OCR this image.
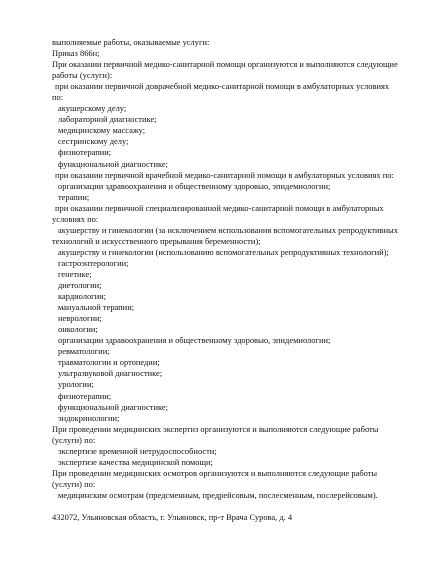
выполняемые работы, оказываемые услуги:
Приказ 866н;
При оказании первичной медико-санитарной помощи организуются и выполняются следующие
работы (услуги):
при оказании первичной доврачебной медико-санитарной помощи в амбулаторных условиях
по:
акушерскому делу;
лабораторной диагностике;
медицинскому массажу;
сестринскому делу;
физиотерапии;
функциональной диагностике;
при оказании первичной врачебной медико-санитарной помощи в амбулаторных условиях по:
организации здравоохранения и общественному здоровью, эпидемиологии;
терапии;
при оказании первичной специализированной медико-санитарной помощи в амбулаторных
условиях по:
акушерству и гинекологии (за исключением использования вспомогательных репродуктивных
технологий и искусственного прерывания беременности);
акушерству и гинекологии (использованию вспомогательных репродуктивных технологий);
гастроэнтерологии;
генетике;
диетологии;
кардиологии;
мануальной терапии;
неврологии;
онкологии;
организации здравоохранения и общественному здоровью, эпидемиологии;
ревматологии;
травматологии и ортопедии;
ультразвуковой диагностике;
урологии;
физиотерапии;
функциональной диагностике;
эндокринологии;
При проведении медицинских экспертиз организуются и выполняются следующие работы
(услуги) по:
экспертизе временной нетрудоспособности;
экспертизе качества медицинской помощи;
При проведении медицинских осмотров организуются и выполняются следующие работы
(услуги) по:
медицинским осмотрам (предсменным, предрейсовым, послесменным, послерейсовым).
432072, Ульяновская область, г. Ульяновск, пр-т Врача Сурова, д. 4
